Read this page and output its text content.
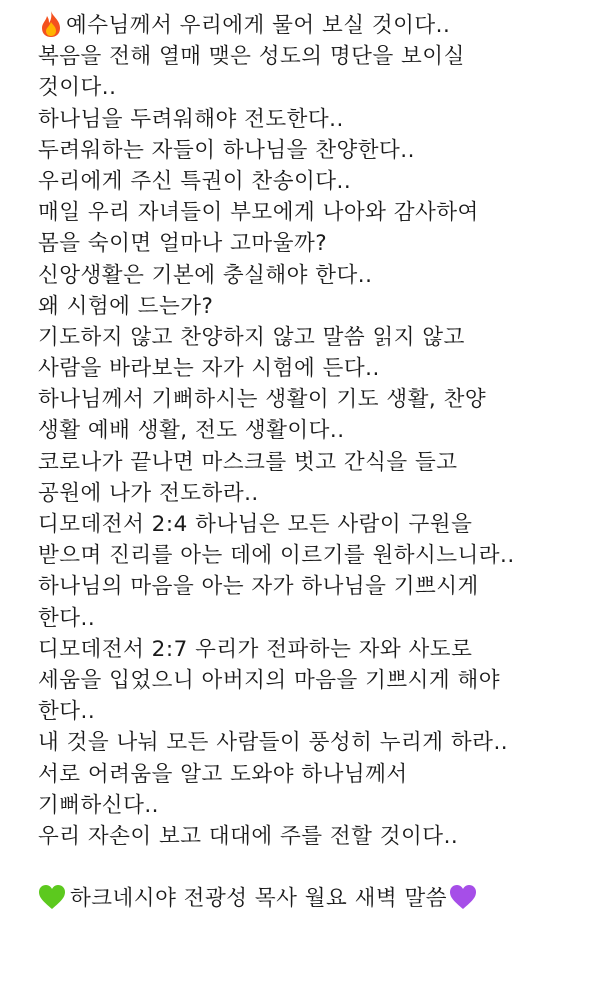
예수님께서 우리에게 물어 보실 것이다..
복음을 전해 열매 맺은 성도의 명단을 보이실
것이다..
하나님을 두려워해야 전도한다..
두려워하는 자들이 하나님을 찬양한다..
우리에게 주신 특권이 찬송이다..
매일 우리 자녀들이 부모에게 나아와 감사하여
몸을 숙이면 얼마나 고마울까?
신앙생활은 기본에 충실해야 한다..
왜 시험에 드는가?
기도하지 않고 찬양하지 않고 말씀 읽지 않고
사람을 바라보는 자가 시험에 든다..
하나님께서 기뻐하시는 생활이 기도 생활, 찬양
생활 예배 생활, 전도 생활이다..
코로나가 끝나면 마스크를 벗고 간식을 들고
공원에 나가 전도하라..
디모데전서 2:4 하나님은 모든 사람이 구원을
받으며 진리를 아는 데에 이르기를 원하시느니라..
하나님의 마음을 아는 자가 하나님을 기쁘시게
한다..
디모데전서 2:7 우리가 전파하는 자와 사도로
세움을 입었으니 아버지의 마음을 기쁘시게 해야
한다..
내 것을 나눠 모든 사람들이 풍성히 누리게 하라..
서로 어려움을 알고 도와야 하나님께서
기뻐하신다..
우리 자손이 보고 대대에 주를 전할 것이다..
하크네시야 전광성 목사 월요 새벽 말씀
